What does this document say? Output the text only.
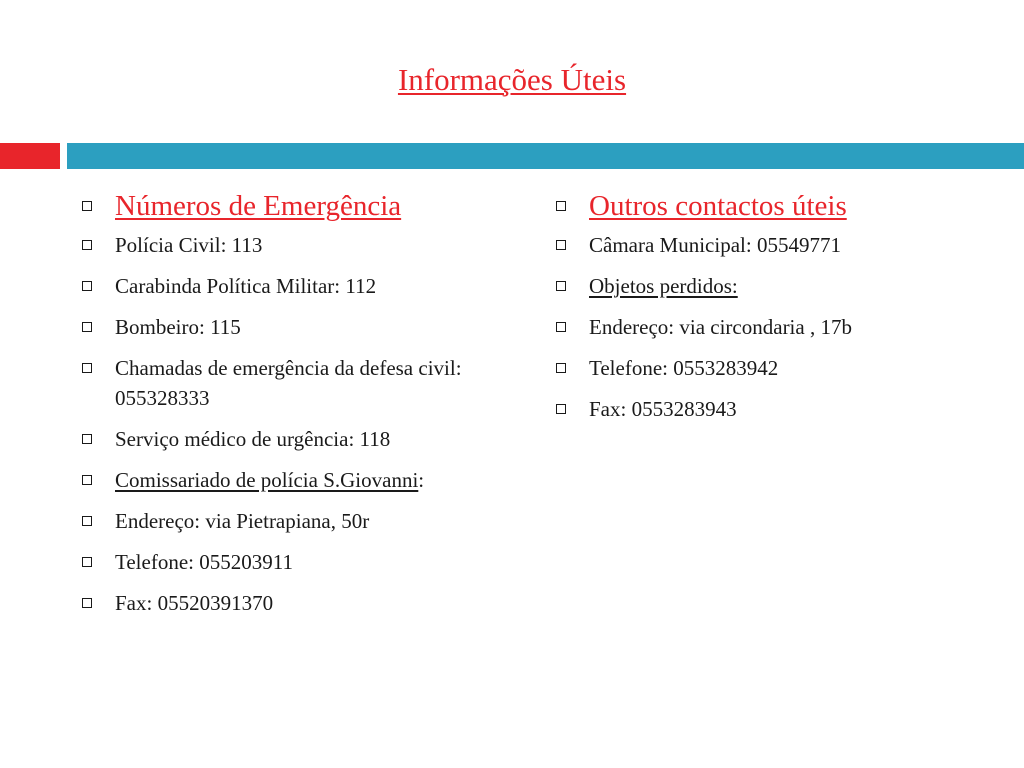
Informações Úteis
Números de Emergência
Polícia Civil: 113
Carabinda Política Militar: 112
Bombeiro: 115
Chamadas de emergência da defesa civil: 055328333
Serviço médico de urgência: 118
Comissariado de polícia S.Giovanni:
Endereço: via Pietrapiana, 50r
Telefone: 055203911
Fax: 05520391370
Outros contactos úteis
Câmara Municipal: 05549771
Objetos perdidos:
Endereço: via circondaria , 17b
Telefone: 0553283942
Fax: 0553283943
